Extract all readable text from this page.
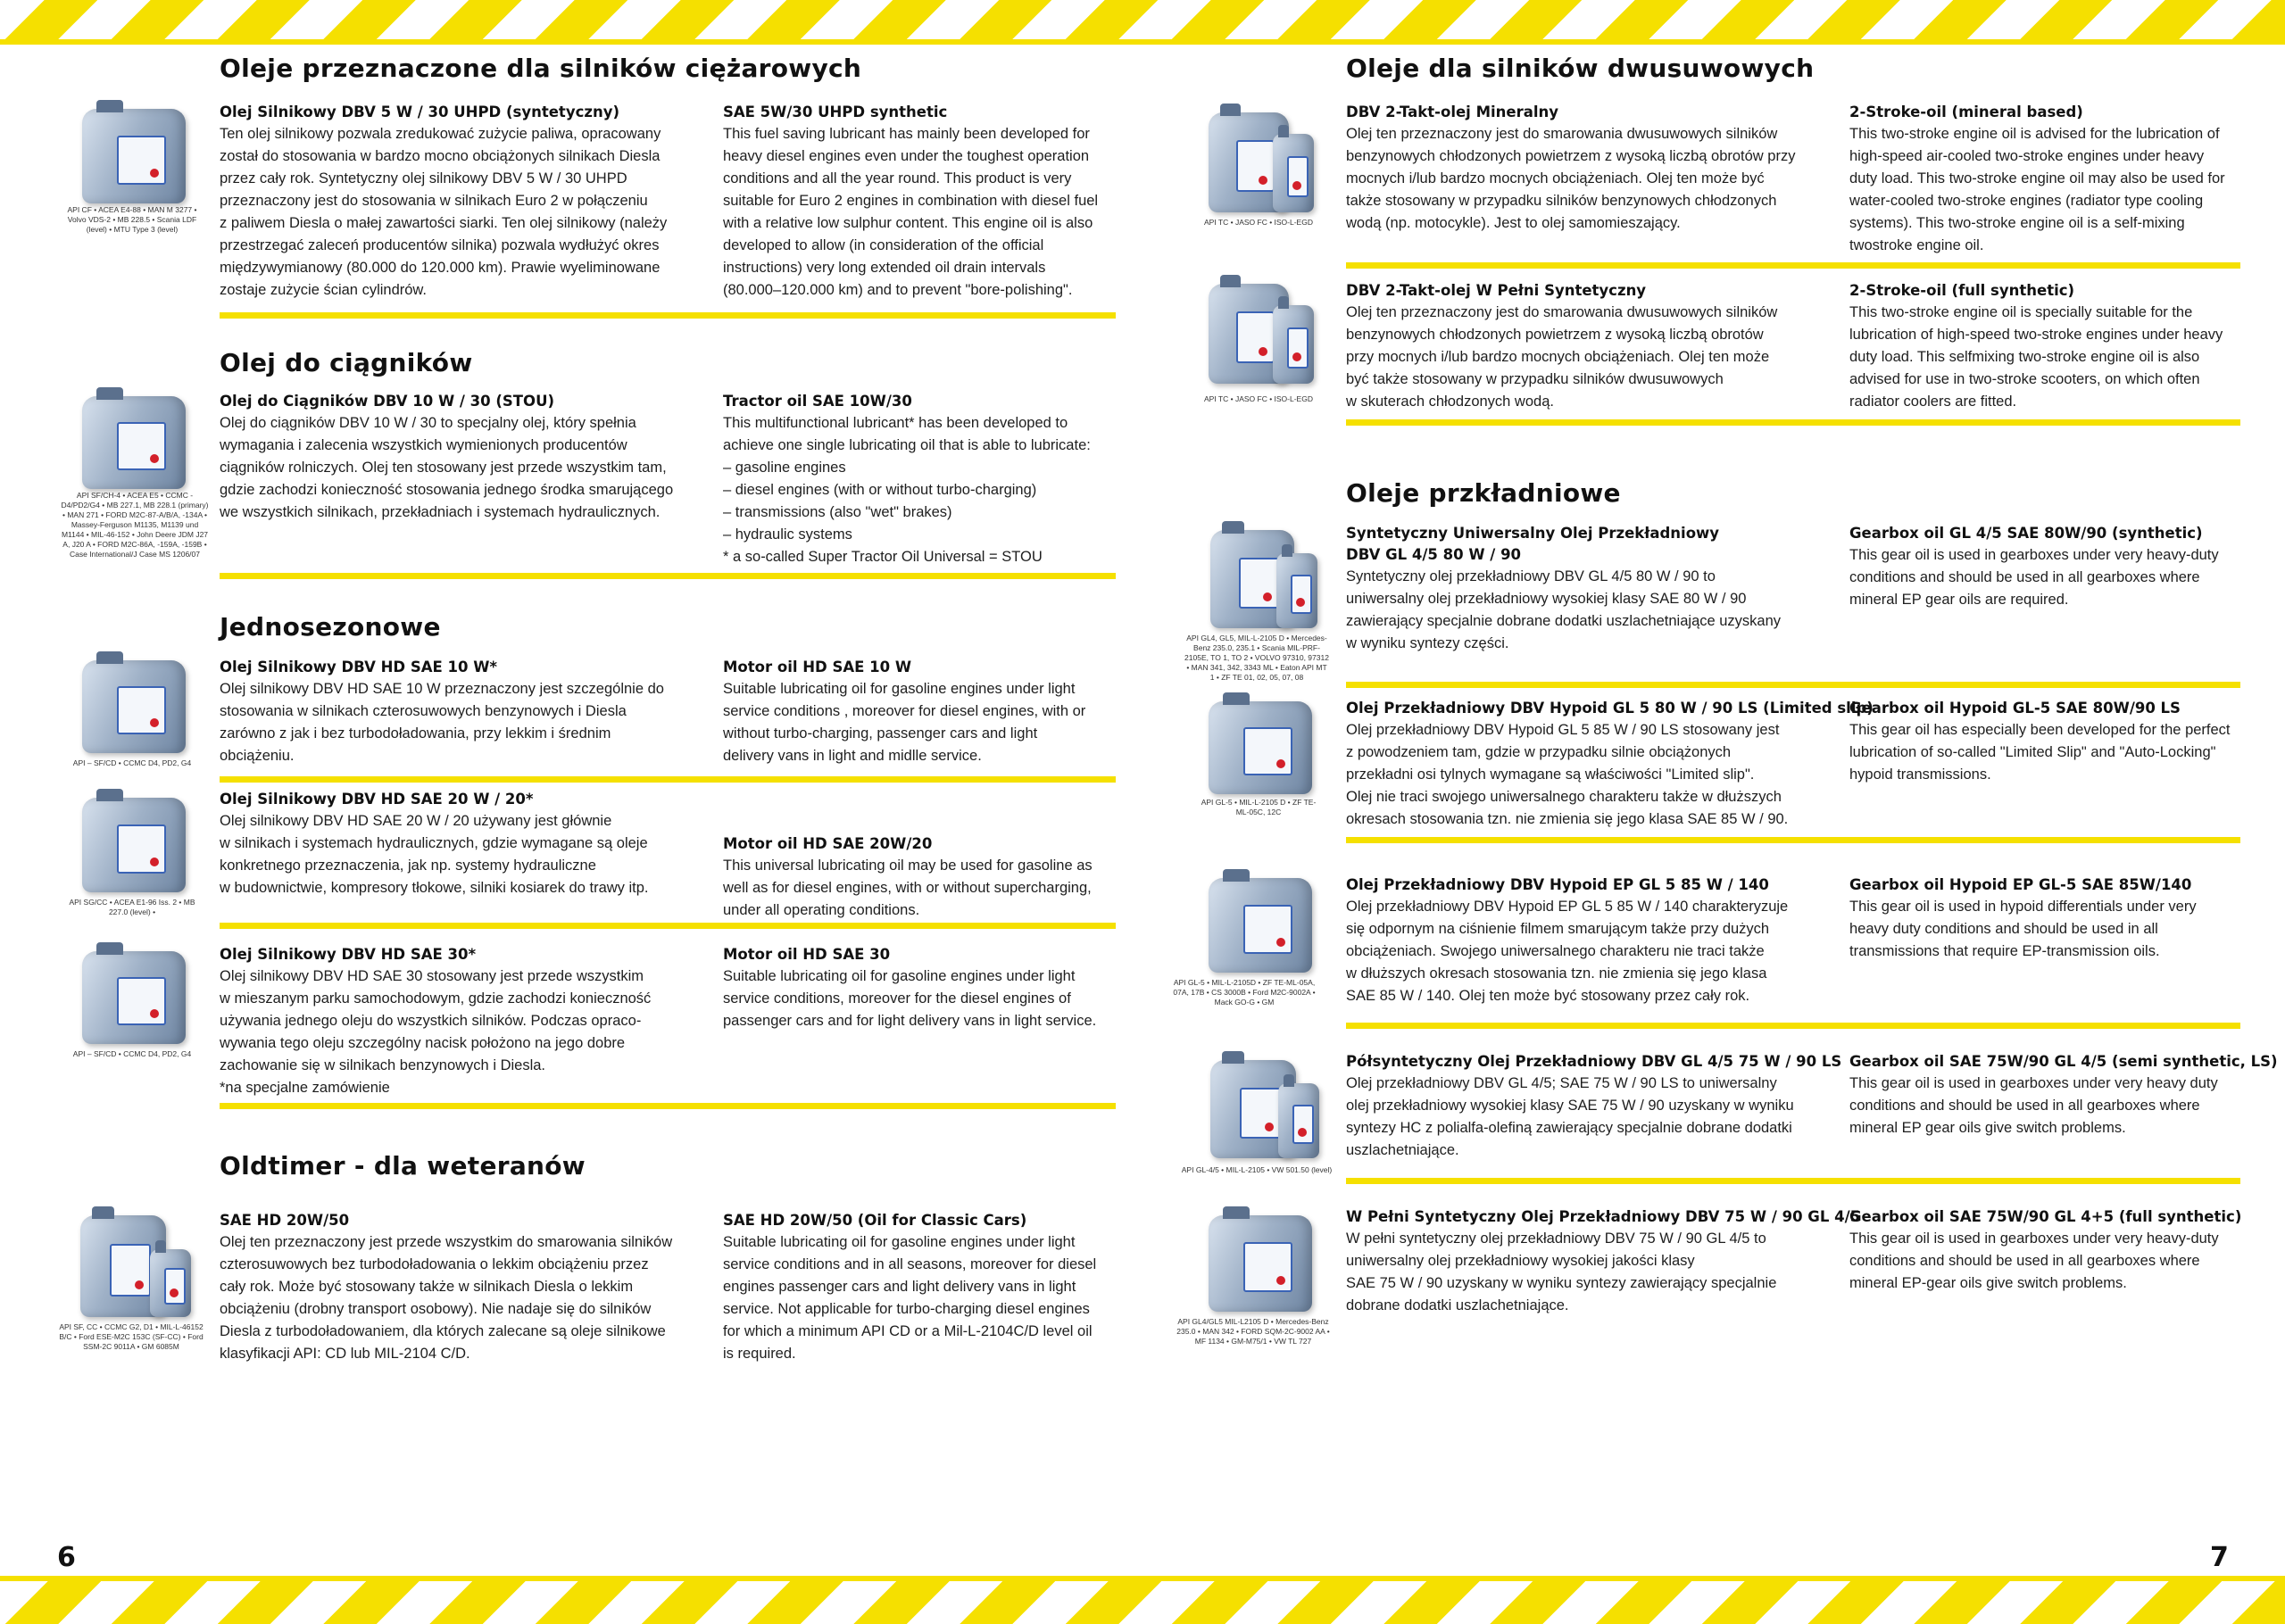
Oleje przeznaczone dla silników ciężarowych
API CF • ACEA E4-88 • MAN M 3277 • Volvo VDS-2 • MB 228.5 • Scania LDF (level) • MTU Type 3 (level)
Olej Silnikowy DBV 5 W / 30 UHPD (syntetyczny)
Ten olej silnikowy pozwala zredukować zużycie paliwa, opracowany
został do stosowania w bardzo mocno obciążonych silnikach Diesla
przez cały rok. Syntetyczny olej silnikowy DBV 5 W / 30 UHPD
przeznaczony jest do stosowania w silnikach Euro 2 w połączeniu
z paliwem Diesla o małej zawartości siarki. Ten olej silnikowy (należy
przestrzegać zaleceń producentów silnika) pozwala wydłużyć okres
międzywymianowy (80.000 do 120.000 km). Prawie wyeliminowane
zostaje zużycie ścian cylindrów.
SAE 5W/30 UHPD synthetic
This fuel saving lubricant has mainly been developed for
heavy diesel engines even under the toughest operation
conditions and all the year round. This product is very
suitable for Euro 2 engines in combination with diesel fuel
with a relative low sulphur content. This engine oil is also
developed to allow (in consideration of the official
instructions) very long extended oil drain intervals
(80.000–120.000 km) and to prevent "bore-polishing".
Olej do ciągników
API SF/CH-4 • ACEA E5 • CCMC - D4/PD2/G4 • MB 227.1, MB 228.1 (primary) • MAN 271 • FORD M2C-87-A/B/A, -134A • Massey-Ferguson M1135, M1139 und M1144 • MIL-46-152 • John Deere JDM J27 A, J20 A • FORD M2C-86A, -159A, -159B • Case International/J Case MS 1206/07
Olej do Ciągników DBV 10 W / 30 (STOU)
Olej do ciągników DBV 10 W / 30 to specjalny olej, który spełnia
wymagania i zalecenia wszystkich wymienionych producentów
ciągników rolniczych. Olej ten stosowany jest przede wszystkim tam,
gdzie zachodzi konieczność stosowania jednego środka smarującego
we wszystkich silnikach, przekładniach i systemach hydraulicznych.
Tractor oil SAE 10W/30
This multifunctional lubricant* has been developed to
achieve one single lubricating oil that is able to lubricate:
– gasoline engines
– diesel engines (with or without turbo-charging)
– transmissions (also "wet" brakes)
– hydraulic systems
* a so-called Super Tractor Oil Universal = STOU
Jednosezonowe
API – SF/CD • CCMC D4, PD2, G4
Olej Silnikowy DBV HD SAE 10 W*
Olej silnikowy DBV HD SAE 10 W przeznaczony jest szczególnie do
stosowania w silnikach czterosuwowych benzynowych i Diesla
zarówno z jak i bez turbodoładowania, przy lekkim i średnim
obciążeniu.
Motor oil HD SAE 10 W
Suitable lubricating oil for gasoline engines under light
service conditions , moreover for diesel engines, with or
without turbo-charging, passenger cars and light
delivery vans in light and midlle service.
API SG/CC • ACEA E1-96 Iss. 2 • MB 227.0 (level) •
Olej Silnikowy DBV HD SAE 20 W / 20*
Olej silnikowy DBV HD SAE 20 W / 20 używany jest głównie
w silnikach i systemach hydraulicznych, gdzie wymagane są oleje
konkretnego przeznaczenia, jak np. systemy hydrauliczne
w budownictwie, kompresory tłokowe, silniki kosiarek do trawy itp.
Motor oil HD SAE 20W/20
This universal lubricating oil may be used for gasoline as
well as for diesel engines, with or without supercharging,
under all operating conditions.
API – SF/CD • CCMC D4, PD2, G4
Olej Silnikowy DBV HD SAE 30*
Olej silnikowy DBV HD SAE 30 stosowany jest przede wszystkim
w mieszanym parku samochodowym, gdzie zachodzi konieczność
używania jednego oleju do wszystkich silników. Podczas opraco-
wywania tego oleju szczególny nacisk położono na jego dobre
zachowanie się w silnikach benzynowych i Diesla.
*na specjalne zamówienie
Motor oil HD SAE 30
Suitable lubricating oil for gasoline engines under light
service conditions, moreover for the diesel engines of
passenger cars and for light delivery vans in light service.
Oldtimer - dla weteranów
API SF, CC • CCMC G2, D1 • MIL-L-46152 B/C • Ford ESE-M2C 153C (SF-CC) • Ford SSM-2C 9011A • GM 6085M
SAE HD 20W/50
Olej ten przeznaczony jest przede wszystkim do smarowania silników
czterosuwowych bez turbodoładowania o lekkim obciążeniu przez
cały rok. Może być stosowany także w silnikach Diesla o lekkim
obciążeniu (drobny transport osobowy). Nie nadaje się do silników
Diesla z turbodoładowaniem, dla których zalecane są oleje silnikowe
klasyfikacji API: CD lub MIL-2104 C/D.
SAE HD 20W/50 (Oil for Classic Cars)
Suitable lubricating oil for gasoline engines under light
service conditions and in all seasons, moreover for diesel
engines passenger cars and light delivery vans in light
service. Not applicable for turbo-charging diesel engines
for which a minimum API CD or a Mil-L-2104C/D level oil
is required.
6
Oleje dla silników dwusuwowych
API TC • JASO FC • ISO-L-EGD
DBV 2-Takt-olej Mineralny
Olej ten przeznaczony jest do smarowania dwusuwowych silników
benzynowych chłodzonych powietrzem z wysoką liczbą obrotów przy
mocnych i/lub bardzo mocnych obciążeniach. Olej ten może być
także stosowany w przypadku silników benzynowych chłodzonych
wodą (np. motocykle). Jest to olej samomieszający.
2-Stroke-oil (mineral based)
This two-stroke engine oil is advised for the lubrication of
high-speed air-cooled two-stroke engines under heavy
duty load. This two-stroke engine oil may also be used for
water-cooled two-stroke engines (radiator type cooling
systems). This two-stroke engine oil is a self-mixing
twostroke engine oil.
API TC • JASO FC • ISO-L-EGD
DBV 2-Takt-olej W Pełni Syntetyczny
Olej ten przeznaczony jest do smarowania dwusuwowych silników
benzynowych chłodzonych powietrzem z wysoką liczbą obrotów
przy mocnych i/lub bardzo mocnych obciążeniach. Olej ten może
być także stosowany w przypadku silników dwusuwowych
w skuterach chłodzonych wodą.
2-Stroke-oil (full synthetic)
This two-stroke engine oil is specially suitable for the
lubrication of high-speed two-stroke engines under heavy
duty load. This selfmixing two-stroke engine oil is also
advised for use in two-stroke scooters, on which often
radiator coolers are fitted.
Oleje przkładniowe
API GL4, GL5, MIL-L-2105 D • Mercedes-Benz 235.0, 235.1 • Scania MIL-PRF-2105E, TO 1, TO 2 • VOLVO 97310, 97312 • MAN 341, 342, 3343 ML • Eaton API MT 1 • ZF TE 01, 02, 05, 07, 08
Syntetyczny Uniwersalny Olej Przekładniowy
DBV GL 4/5 80 W / 90
Syntetyczny olej przekładniowy DBV GL 4/5 80 W / 90 to
uniwersalny olej przekładniowy wysokiej klasy SAE 80 W / 90
zawierający specjalnie dobrane dodatki uszlachetniające uzyskany
w wyniku syntezy części.
Gearbox oil GL 4/5 SAE 80W/90 (synthetic)
This gear oil is used in gearboxes under very heavy-duty
conditions and should be used in all gearboxes where
mineral EP gear oils are required.
API GL-5 • MIL-L-2105 D • ZF TE-ML-05C, 12C
Olej Przekładniowy DBV Hypoid GL 5 80 W / 90 LS (Limited slip)
Olej przekładniowy DBV Hypoid GL 5 85 W / 90 LS stosowany jest
z powodzeniem tam, gdzie w przypadku silnie obciążonych
przekładni osi tylnych wymagane są właściwości "Limited slip".
Olej nie traci swojego uniwersalnego charakteru także w dłuższych
okresach stosowania tzn. nie zmienia się jego klasa SAE 85 W / 90.
Gearbox oil Hypoid GL-5 SAE 80W/90 LS
This gear oil has especially been developed for the perfect
lubrication of so-called "Limited Slip" and "Auto-Locking"
hypoid transmissions.
API GL-5 • MIL-L-2105D • ZF TE-ML-05A, 07A, 17B • CS 3000B • Ford M2C-9002A • Mack GO-G • GM
Olej Przekładniowy DBV Hypoid EP GL 5 85 W / 140
Olej przekładniowy DBV Hypoid EP GL 5 85 W / 140 charakteryzuje
się odpornym na ciśnienie filmem smarującym także przy dużych
obciążeniach. Swojego uniwersalnego charakteru nie traci także
w dłuższych okresach stosowania tzn. nie zmienia się jego klasa
SAE 85 W / 140. Olej ten może być stosowany przez cały rok.
Gearbox oil Hypoid EP GL-5 SAE 85W/140
This gear oil is used in hypoid differentials under very
heavy duty conditions and should be used in all
transmissions that require EP-transmission oils.
API GL-4/5 • MIL-L-2105 • VW 501.50 (level)
Półsyntetyczny Olej Przekładniowy DBV GL 4/5 75 W / 90 LS
Olej przekładniowy DBV GL 4/5; SAE 75 W / 90 LS to uniwersalny
olej przekładniowy wysokiej klasy SAE 75 W / 90 uzyskany w wyniku
syntezy HC z polialfa-olefiną zawierający specjalnie dobrane dodatki
uszlachetniające.
Gearbox oil SAE 75W/90 GL 4/5 (semi synthetic, LS)
This gear oil is used in gearboxes under very heavy duty
conditions and should be used in all gearboxes where
mineral EP gear oils give switch problems.
API GL4/GL5 MIL-L2105 D • Mercedes-Benz 235.0 • MAN 342 • FORD SQM-2C-9002 AA • MF 1134 • GM-M75/1 • VW TL 727
W Pełni Syntetyczny Olej Przekładniowy DBV 75 W / 90 GL 4/5
W pełni syntetyczny olej przekładniowy DBV 75 W / 90 GL 4/5 to
uniwersalny olej przekładniowy wysokiej jakości klasy
SAE 75 W / 90 uzyskany w wyniku syntezy zawierający specjalnie
dobrane dodatki uszlachetniające.
Gearbox oil SAE 75W/90 GL 4+5 (full synthetic)
This gear oil is used in gearboxes under very heavy-duty
conditions and should be used in all gearboxes where
mineral EP-gear oils give switch problems.
7
